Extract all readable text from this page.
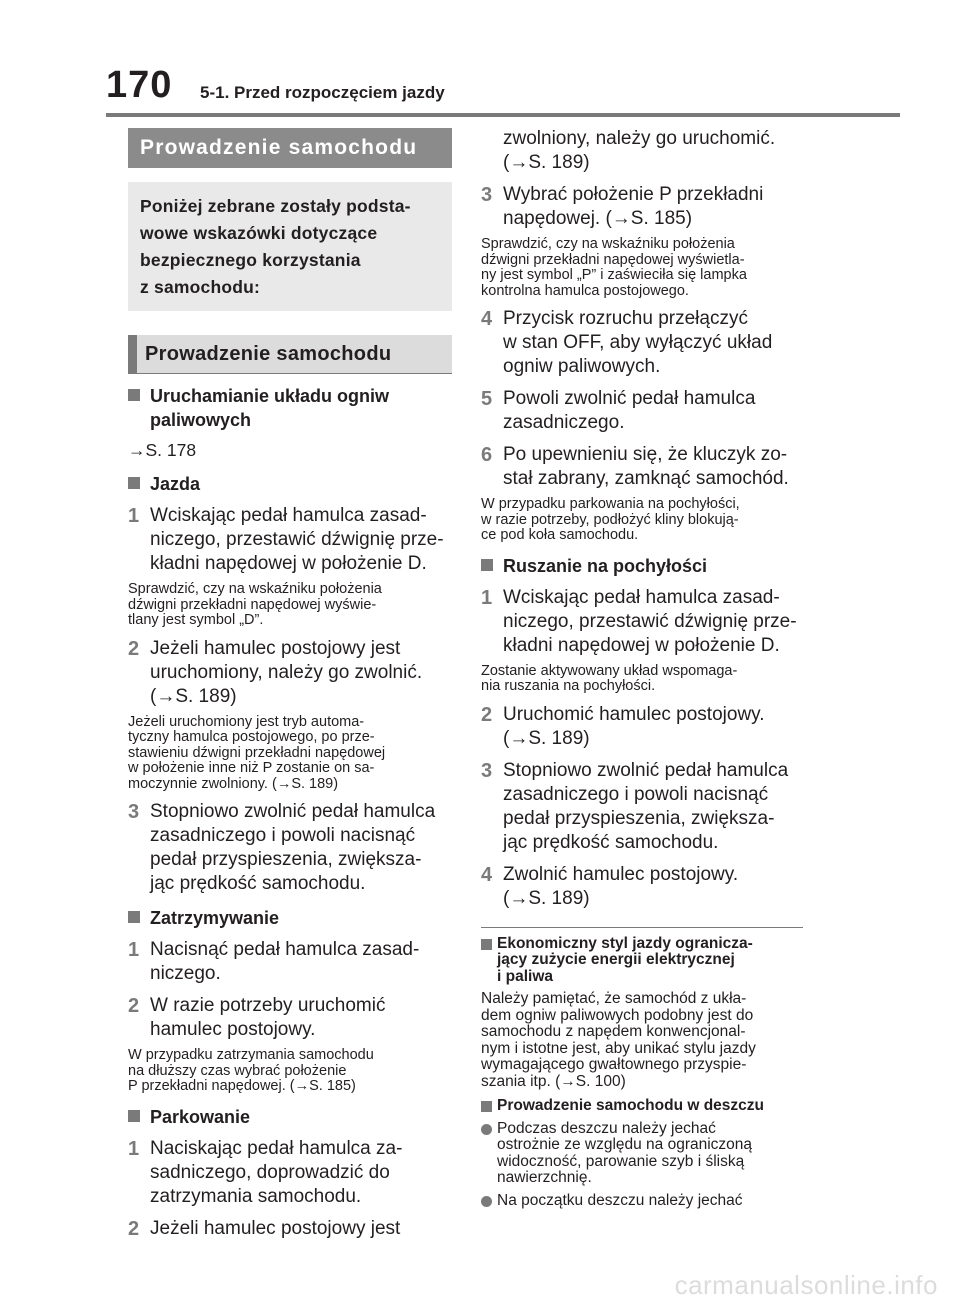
170 5-1. Przed rozpoczęciem jazdy
Prowadzenie samochodu
Poniżej zebrane zostały podsta-
wowe wskazówki dotyczące
bezpiecznego korzystania
z samochodu:
Prowadzenie samochodu
Uruchamianie układu ogniw
paliwowych
→S. 178
Jazda
1 Wciskając pedał hamulca zasad-
niczego, przestawić dźwignię prze-
kładni napędowej w położenie D.
Sprawdzić, czy na wskaźniku położenia
dźwigni przekładni napędowej wyświe-
tlany jest symbol „D”.
2 Jeżeli hamulec postojowy jest
uruchomiony, należy go zwolnić.
(→S. 189)
Jeżeli uruchomiony jest tryb automa-
tyczny hamulca postojowego, po prze-
stawieniu dźwigni przekładni napędowej
w położenie inne niż P zostanie on sa-
moczynnie zwolniony. (→S. 189)
3 Stopniowo zwolnić pedał hamulca
zasadniczego i powoli nacisnąć
pedał przyspieszenia, zwiększa-
jąc prędkość samochodu.
Zatrzymywanie
1 Nacisnąć pedał hamulca zasad-
niczego.
2 W razie potrzeby uruchomić
hamulec postojowy.
W przypadku zatrzymania samochodu
na dłuższy czas wybrać położenie
P przekładni napędowej. (→S. 185)
Parkowanie
1 Naciskając pedał hamulca za-
sadniczego, doprowadzić do
zatrzymania samochodu.
2 Jeżeli hamulec postojowy jest
zwolniony, należy go uruchomić.
(→S. 189)
3 Wybrać położenie P przekładni
napędowej. (→S. 185)
Sprawdzić, czy na wskaźniku położenia
dźwigni przekładni napędowej wyświetla-
ny jest symbol „P” i zaświeciła się lampka
kontrolna hamulca postojowego.
4 Przycisk rozruchu przełączyć
w stan OFF, aby wyłączyć układ
ogniw paliwowych.
5 Powoli zwolnić pedał hamulca
zasadniczego.
6 Po upewnieniu się, że kluczyk zo-
stał zabrany, zamknąć samochód.
W przypadku parkowania na pochyłości,
w razie potrzeby, podłożyć kliny blokują-
ce pod koła samochodu.
Ruszanie na pochyłości
1 Wciskając pedał hamulca zasad-
niczego, przestawić dźwignię prze-
kładni napędowej w położenie D.
Zostanie aktywowany układ wspomaga-
nia ruszania na pochyłości.
2 Uruchomić hamulec postojowy.
(→S. 189)
3 Stopniowo zwolnić pedał hamulca
zasadniczego i powoli nacisnąć
pedał przyspieszenia, zwiększa-
jąc prędkość samochodu.
4 Zwolnić hamulec postojowy.
(→S. 189)
Ekonomiczny styl jazdy ogranicza-
jący zużycie energii elektrycznej
i paliwa
Należy pamiętać, że samochód z ukła-
dem ogniw paliwowych podobny jest do
samochodu z napędem konwencjonal-
nym i istotne jest, aby unikać stylu jazdy
wymagającego gwałtownego przyspie-
szania itp. (→S. 100)
Prowadzenie samochodu w deszczu
Podczas deszczu należy jechać
ostrożnie ze względu na ograniczoną
widoczność, parowanie szyb i śliską
nawierzchnię.
Na początku deszczu należy jechać
carmanualsonline.info
